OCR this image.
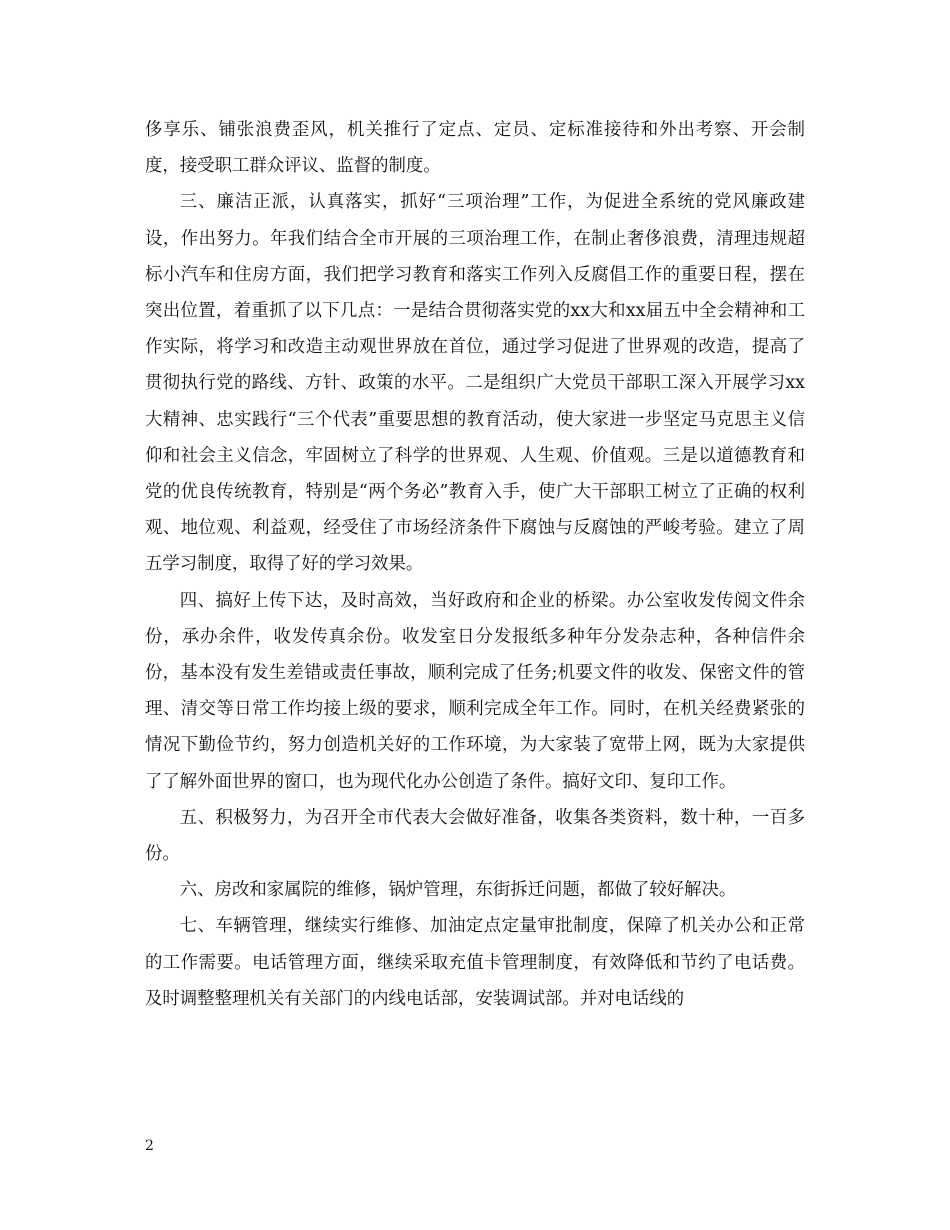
侈享乐、铺张浪费歪风，机关推行了定点、定员、定标准接待和外出考察、开会制度，接受职工群众评议、监督的制度。

三、廉洁正派，认真落实，抓好“三项治理”工作，为促进全系统的党风廉政建设，作出努力。年我们结合全市开展的三项治理工作，在制止奢侈浪费，清理违规超标小汽车和住房方面，我们把学习教育和落实工作列入反腐倡工作的重要日程，摆在突出位置，着重抓了以下几点：一是结合贯彻落实党的xx大和xx届五中全会精神和工作实际，将学习和改造主动观世界放在首位，通过学习促进了世界观的改造，提高了贯彻执行党的路线、方针、政策的水平。二是组织广大党员干部职工深入开展学习xx大精神、忠实践行“三个代表”重要思想的教育活动，使大家进一步坚定马克思主义信仰和社会主义信念，牢固树立了科学的世界观、人生观、价值观。三是以道德教育和党的优良传统教育，特别是“两个务必”教育入手，使广大干部职工树立了正确的权利观、地位观、利益观，经受住了市场经济条件下腐蚀与反腐蚀的严峻考验。建立了周五学习制度，取得了好的学习效果。

四、搞好上传下达，及时高效，当好政府和企业的桥梁。办公室收发传阅文件余份，承办余件，收发传真余份。收发室日分发报纸多种年分发杂志种，各种信件余份，基本没有发生差错或责任事故，顺利完成了任务;机要文件的收发、保密文件的管理、清交等日常工作均接上级的要求，顺利完成全年工作。同时，在机关经费紧张的情况下勤俭节约，努力创造机关好的工作环境，为大家装了宽带上网，既为大家提供了了解外面世界的窗口，也为现代化办公创造了条件。搞好文印、复印工作。

五、积极努力，为召开全市代表大会做好准备，收集各类资料，数十种，一百多份。

六、房改和家属院的维修，锅炉管理，东街拆迁问题，都做了较好解决。

七、车辆管理，继续实行维修、加油定点定量审批制度，保障了机关办公和正常的工作需要。电话管理方面，继续采取充值卡管理制度，有效降低和节约了电话费。及时调整整理机关有关部门的内线电话部，安装调试部。并对电话线的

2
